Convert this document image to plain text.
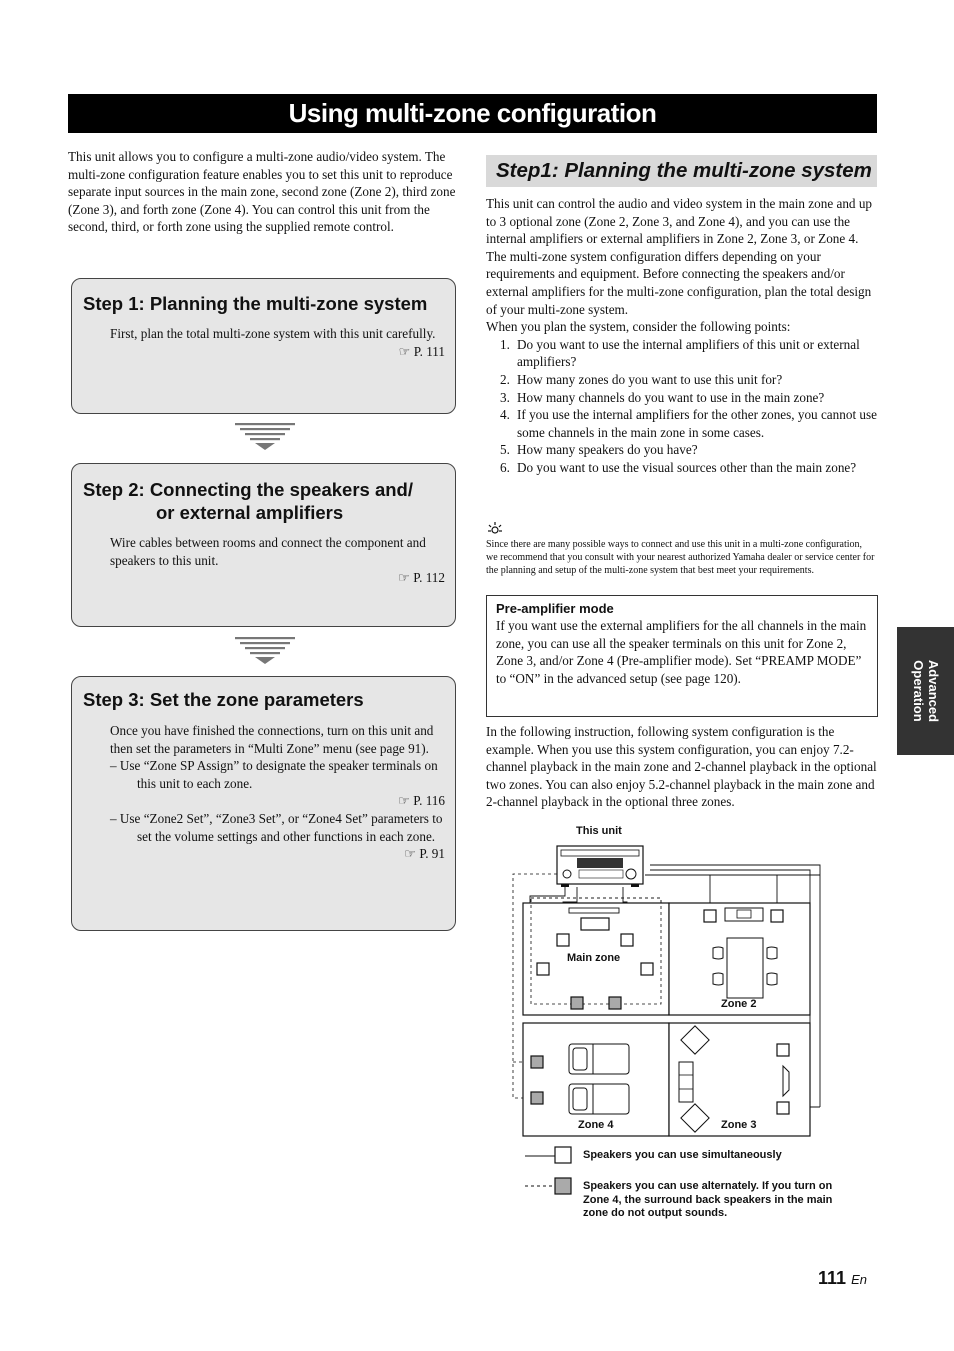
Using multi-zone configuration
This unit allows you to configure a multi-zone audio/video system. The multi-zone configuration feature enables you to set this unit to reproduce separate input sources in the main zone, second zone (Zone 2), third zone (Zone 3), and forth zone (Zone 4). You can control this unit from the second, third, or forth zone using the supplied remote control.
Step 1: Planning the multi-zone system
First, plan the total multi-zone system with this unit carefully.
☞ P. 111
Step 2: Connecting the speakers and/
or external amplifiers
Wire cables between rooms and connect the component and speakers to this unit.
☞ P. 112
Step 3: Set the zone parameters
Once you have finished the connections, turn on this unit and then set the parameters in “Multi Zone” menu (see page 91).
– Use “Zone SP Assign” to designate the speaker terminals on this unit to each zone.
☞ P. 116
– Use “Zone2 Set”, “Zone3 Set”, or “Zone4 Set” parameters to set the volume settings and other functions in each zone.
☞ P. 91
Step1: Planning the multi-zone system
This unit can control the audio and video system in the main zone and up to 3 optional zone (Zone 2, Zone 3, and Zone 4), and you can use the internal amplifiers or external amplifiers in Zone 2, Zone 3, or Zone 4.
The multi-zone system configuration differs depending on your requirements and equipment. Before connecting the speakers and/or external amplifiers for the multi-zone configuration, plan the total design of your multi-zone system.
When you plan the system, consider the following points:
1. Do you want to use the internal amplifiers of this unit or external amplifiers?
2. How many zones do you want to use this unit for?
3. How many channels do you want to use in the main zone?
4. If you use the internal amplifiers for the other zones, you cannot use some channels in the main zone in some cases.
5. How many speakers do you have?
6. Do you want to use the visual sources other than the main zone?
Since there are many possible ways to connect and use this unit in a multi-zone configuration, we recommend that you consult with your nearest authorized Yamaha dealer or service center for the planning and setup of the multi-zone system that best meet your requirements.
Pre-amplifier mode
If you want use the external amplifiers for the all channels in the main zone, you can use all the speaker terminals on this unit for Zone 2, Zone 3, and/or Zone 4 (Pre-amplifier mode). Set “PREAMP MODE” to “ON” in the advanced setup (see page 120).
In the following instruction, following system configuration is the example. When you use this system configuration, you can enjoy 7.2-channel playback in the main zone and 2-channel playback in the optional two zones. You can also enjoy 5.2-channel playback in the main zone and 2-channel playback in the optional three zones.
Advanced
Operation
This unit
Main zone
Zone 2
Zone 4	Zone 3
Speakers you can use simultaneously
Speakers you can use alternately. If you turn on Zone 4, the surround back speakers in the main zone do not output sounds.
111 En
